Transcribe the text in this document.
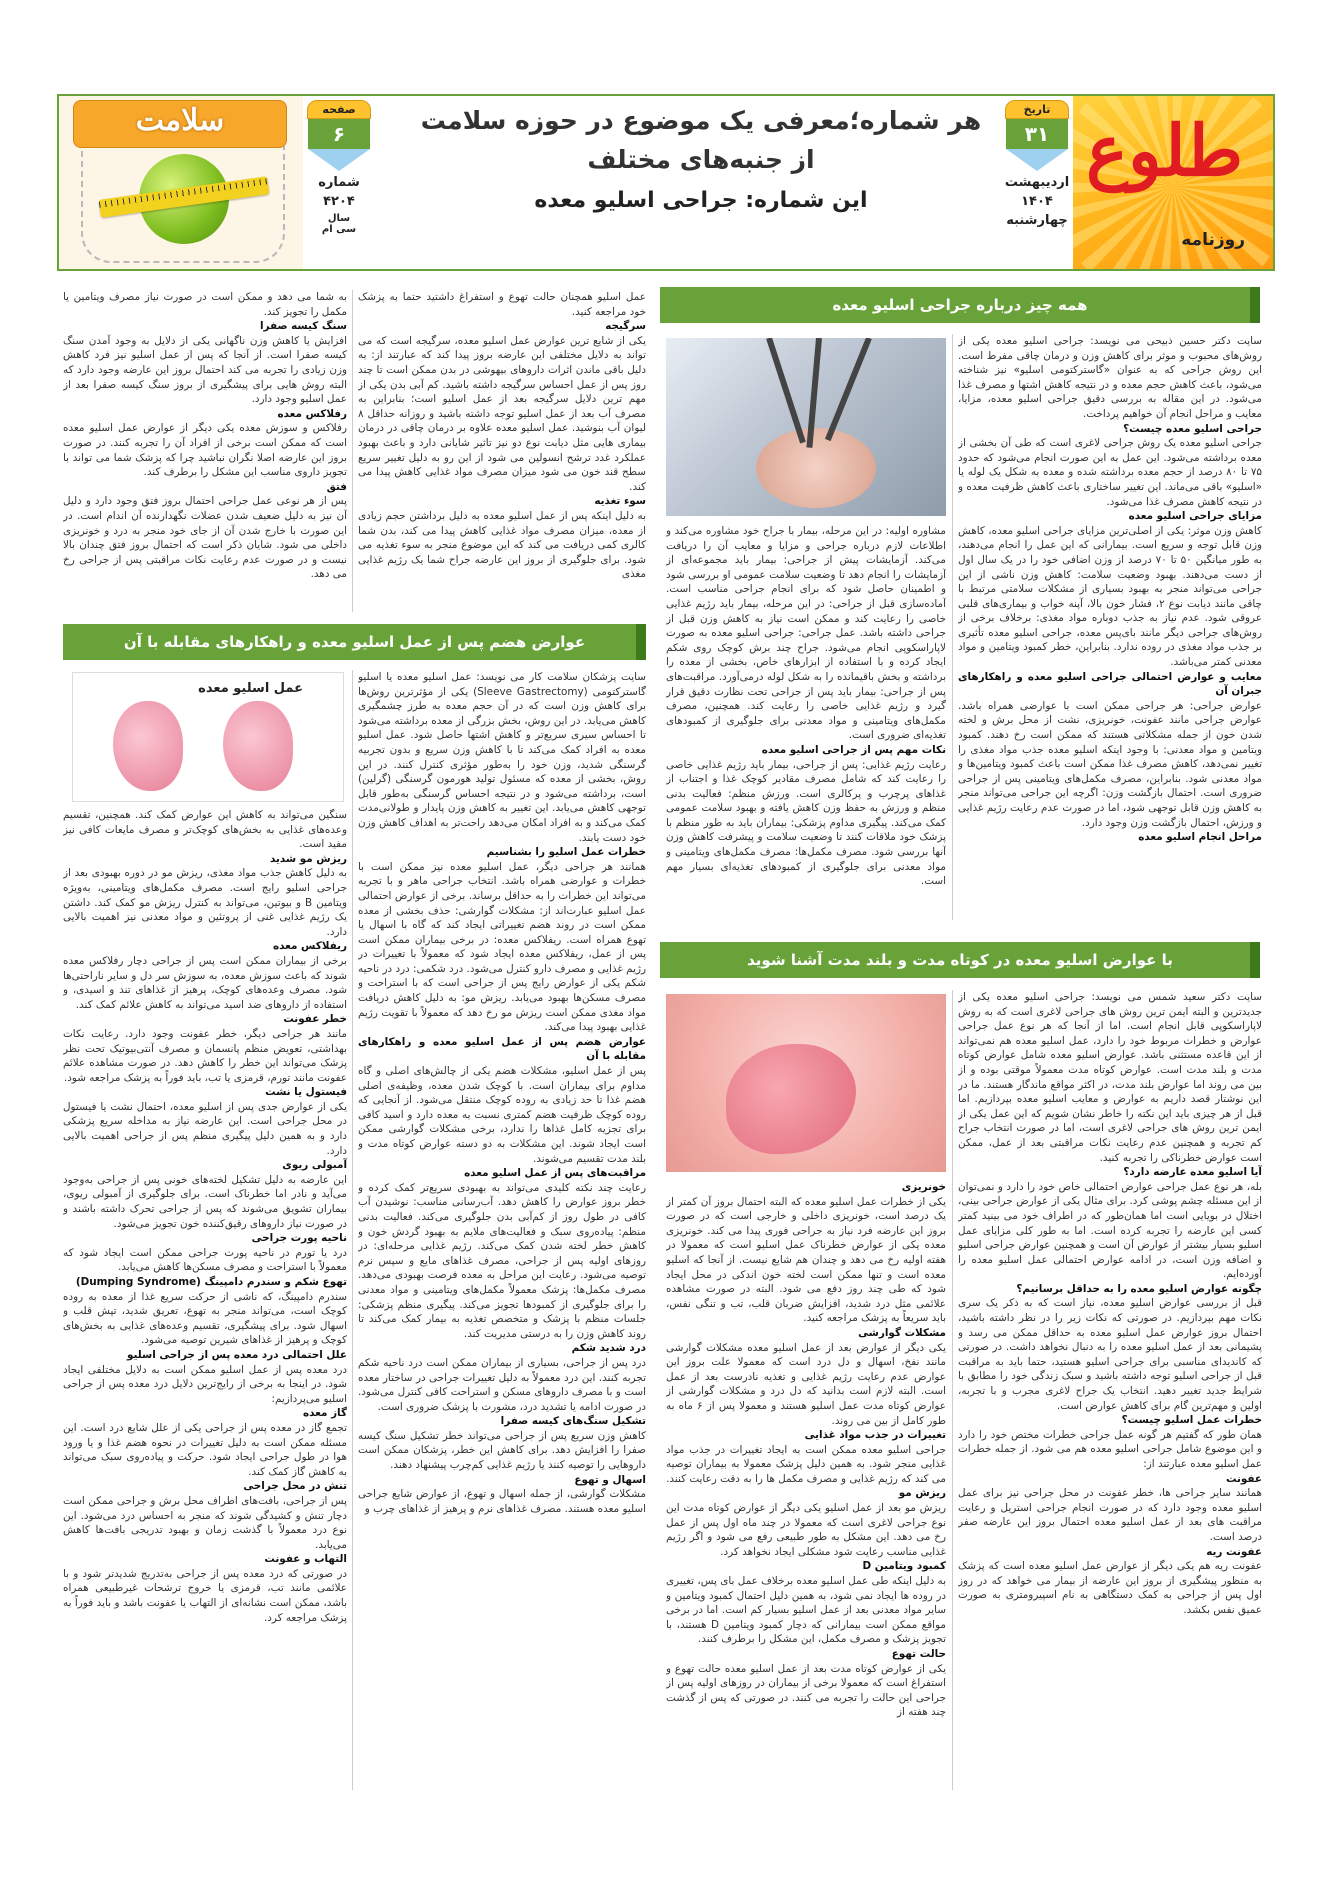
طلوع
روزنامه
تاریخ
۳۱
اردیبهشت
۱۴۰۴
چهارشنبه
هر شماره؛معرفی یک موضوع در حوزه سلامت
از جنبه‌های مختلف
این شماره: جراحی اسلیو معده
صفحه
۶
شماره
۴۲۰۴
سال
سی ام
سلامت
همه چیز درباره جراحی اسلیو معده

سایت دکتر حسین ذبیحی می نویسد: جراحی اسلیو معده یکی از روش‌های محبوب و موثر برای کاهش وزن و درمان چاقی مفرط است. این روش جراحی که به عنوان «گاسترکتومی اسلیو» نیز شناخته می‌شود، باعث کاهش حجم معده و در نتیجه کاهش اشتها و مصرف غذا می‌شود. در این مقاله به بررسی دقیق جراحی اسلیو معده، مزایا، معایب و مراحل انجام آن خواهیم پرداخت.

جراحی اسلیو معده چیست؟

جراحی اسلیو معده یک روش جراحی لاغری است که طی آن بخشی از معده برداشته می‌شود. این عمل به این صورت انجام می‌شود که حدود ۷۵ تا ۸۰ درصد از حجم معده برداشته شده و معده به شکل یک لوله یا «اسلیو» باقی می‌ماند. این تغییر ساختاری باعث کاهش ظرفیت معده و در نتیجه کاهش مصرف غذا می‌شود.

مزایای جراحی اسلیو معده

کاهش وزن موثر: یکی از اصلی‌ترین مزایای جراحی اسلیو معده، کاهش وزن قابل توجه و سریع است. بیمارانی که این عمل را انجام می‌دهند، به طور میانگین ۵۰ تا ۷۰ درصد از وزن اضافی خود را در یک سال اول از دست می‌دهند. بهبود وضعیت سلامت: کاهش وزن ناشی از این جراحی می‌تواند منجر به بهبود بسیاری از مشکلات سلامتی مرتبط با چاقی مانند دیابت نوع ۲، فشار خون بالا، آپنه خواب و بیماری‌های قلبی عروقی شود. عدم نیاز به جذب دوباره مواد مغذی: برخلاف برخی از روش‌های جراحی دیگر مانند بای‌پس معده، جراحی اسلیو معده تأثیری بر جذب مواد مغذی در روده ندارد. بنابراین، خطر کمبود ویتامین و مواد معدنی کمتر می‌باشد.

معایب و عوارض احتمالی جراحی اسلیو معده و راهکارهای جبران آن

عوارض جراحی: هر جراحی ممکن است با عوارضی همراه باشد. عوارض جراحی مانند عفونت، خونریزی، نشت از محل برش و لخته شدن خون از جمله مشکلاتی هستند که ممکن است رخ دهند. کمبود ویتامین و مواد معدنی: با وجود اینکه اسلیو معده جذب مواد مغذی را تغییر نمی‌دهد، کاهش مصرف غذا ممکن است باعث کمبود ویتامین‌ها و مواد معدنی شود. بنابراین، مصرف مکمل‌های ویتامینی پس از جراحی ضروری است. احتمال بازگشت وزن: اگرچه این جراحی می‌تواند منجر به کاهش وزن قابل توجهی شود، اما در صورت عدم رعایت رژیم غذایی و ورزش، احتمال بازگشت وزن وجود دارد.

مراحل انجام اسلیو معده

مشاوره اولیه: در این مرحله، بیمار با جراح خود مشاوره می‌کند و اطلاعات لازم درباره جراحی و مزایا و معایب آن را دریافت می‌کند. آزمایشات پیش از جراحی: بیمار باید مجموعه‌ای از آزمایشات را انجام دهد تا وضعیت سلامت عمومی او بررسی شود و اطمینان حاصل شود که برای انجام جراحی مناسب است. آماده‌سازی قبل از جراحی: در این مرحله، بیمار باید رژیم غذایی خاصی را رعایت کند و ممکن است نیاز به کاهش وزن قبل از جراحی داشته باشد. عمل جراحی: جراحی اسلیو معده به صورت لاپاراسکوپی انجام می‌شود. جراح چند برش کوچک روی شکم ایجاد کرده و با استفاده از ابزارهای خاص، بخشی از معده را برداشته و بخش باقیمانده را به شکل لوله درمی‌آورد. مراقبت‌های پس از جراحی: بیمار باید پس از جراحی تحت نظارت دقیق قرار گیرد و رژیم غذایی خاصی را رعایت کند. همچنین، مصرف مکمل‌های ویتامینی و مواد معدنی برای جلوگیری از کمبودهای تغذیه‌ای ضروری است.

نکات مهم پس از جراحی اسلیو معده

رعایت رژیم غذایی: پس از جراحی، بیمار باید رژیم غذایی خاصی را رعایت کند که شامل مصرف مقادیر کوچک غذا و اجتناب از غذاهای پرچرب و پرکالری است. ورزش منظم: فعالیت بدنی منظم و ورزش به حفظ وزن کاهش یافته و بهبود سلامت عمومی کمک می‌کند. پیگیری مداوم پزشکی: بیماران باید به طور منظم با پزشک خود ملاقات کنند تا وضعیت سلامت و پیشرفت کاهش وزن آنها بررسی شود. مصرف مکمل‌ها: مصرف مکمل‌های ویتامینی و مواد معدنی برای جلوگیری از کمبودهای تغذیه‌ای بسیار مهم است.

عمل اسلیو همچنان حالت تهوع و استفراغ داشتید حتما به پزشک خود مراجعه کنید.

سرگیجه

یکی از شایع ترین عوارض عمل اسلیو معده، سرگیجه است که می تواند به دلایل مختلفی این عارضه بروز پیدا کند که عبارتند از: به دلیل باقی ماندن اثرات داروهای بیهوشی در بدن ممکن است تا چند روز پس از عمل احساس سرگیجه داشته باشید. کم آبی بدن یکی از مهم ترین دلایل سرگیجه بعد از عمل اسلیو است؛ بنابراین به مصرف آب بعد از عمل اسلیو توجه داشته باشید و روزانه حداقل ۸ لیوان آب بنوشید. عمل اسلیو معده علاوه بر درمان چاقی در درمان بیماری هایی مثل دیابت نوع دو نیز تاثیر شایانی دارد و باعث بهبود عملکرد غدد ترشح انسولین می شود از این رو به دلیل تغییر سریع سطح قند خون می شود میزان مصرف مواد غذایی کاهش پیدا می کند.

سوء تغذیه

به دلیل اینکه پس از عمل اسلیو معده به دلیل برداشتن حجم زیادی از معده، میزان مصرف مواد غذایی کاهش پیدا می کند، بدن شما کالری کمی دریافت می کند که این موضوع منجر به سوء تغذیه می شود. برای جلوگیری از بروز این عارضه جراح شما یک رژیم غذایی مغذی

به شما می دهد و ممکن است در صورت نیاز مصرف ویتامین یا مکمل را تجویز کند.

سنگ کیسه صفرا

افزایش یا کاهش وزن ناگهانی یکی از دلایل به وجود آمدن سنگ کیسه صفرا است. از آنجا که پس از عمل اسلیو نیز فرد کاهش وزن زیادی را تجربه می کند احتمال بروز این عارضه وجود دارد که البته روش هایی برای پیشگیری از بروز سنگ کیسه صفرا بعد از عمل اسلیو وجود دارد.

رفلاکس معده

رفلاکس و سوزش معده یکی دیگر از عوارض عمل اسلیو معده است که ممکن است برخی از افراد آن را تجربه کنند. در صورت بروز این عارضه اصلا نگران نباشید چرا که پزشک شما می تواند با تجویز داروی مناسب این مشکل را برطرف کند.

فتق

پس از هر نوعی عمل جراحی احتمال بروز فتق وجود دارد و دلیل آن نیز به دلیل ضعیف شدن عضلات نگهدارنده آن اندام است. در این صورت با خارج شدن آن از جای خود منجر به درد و خونریزی داخلی می شود. شایان ذکر است که احتمال بروز فتق چندان بالا نیست و در صورت عدم رعایت نکات مراقبتی پس از جراحی رخ می دهد.

عوارض هضم پس از عمل اسلیو معده و راهکارهای مقابله با آن
عمل اسلیو معده

سایت پزشکان سلامت کار می نویسد: عمل اسلیو معده یا اسلیو گاسترکتومی (Sleeve Gastrectomy) یکی از مؤثرترین روش‌ها برای کاهش وزن است که در آن حجم معده به طرز چشمگیری کاهش می‌یابد. در این روش، بخش بزرگی از معده برداشته می‌شود تا احساس سیری سریع‌تر و کاهش اشتها حاصل شود. عمل اسلیو معده به افراد کمک می‌کند تا با کاهش وزن سریع و بدون تجربیه گرسنگی شدید، وزن خود را به‌طور مؤثری کنترل کنند. در این روش، بخشی از معده که مسئول تولید هورمون گرسنگی (گرلین) است، برداشته می‌شود و در نتیجه احساس گرسنگی به‌طور قابل توجهی کاهش می‌یابد. این تغییر به کاهش وزن پایدار و طولانی‌مدت کمک می‌کند و به افراد امکان می‌دهد راحت‌تر به اهداف کاهش وزن خود دست یابند.

خطرات عمل اسلیو را بشناسیم

همانند هر جراحی دیگر، عمل اسلیو معده نیز ممکن است با خطرات و عوارضی همراه باشد. انتخاب جراحی ماهر و با تجربه می‌تواند این خطرات را به حداقل برساند. برخی از عوارض احتمالی عمل اسلیو عبارت‌اند از: مشکلات گوارشی: حذف بخشی از معده ممکن است در روند هضم تغییراتی ایجاد کند که گاه با اسهال یا تهوع همراه است. ریفلاکس معده: در برخی بیماران ممکن است پس از عمل، ریفلاکس معده ایجاد شود که معمولاً با تغییرات در رژیم غذایی و مصرف دارو کنترل می‌شود. درد شکمی: درد در ناحیه شکم یکی از عوارض رایج پس از جراحی است که با استراحت و مصرف مسکن‌ها بهبود می‌یابد. ریزش مو: به دلیل کاهش دریافت مواد مغذی ممکن است ریزش مو رخ دهد که معمولاً با تقویت رژیم غذایی بهبود پیدا می‌کند.

عوارض هضم پس از عمل اسلیو معده و راهکارهای مقابله با آن

پس از عمل اسلیو، مشکلات هضم یکی از چالش‌های اصلی و گاه مداوم برای بیماران است. با کوچک شدن معده، وظیفه‌ی اصلی هضم غذا تا حد زیادی به روده کوچک منتقل می‌شود. از آنجایی که روده کوچک ظرفیت هضم کمتری نسبت به معده دارد و اسید کافی برای تجزیه کامل غذاها را ندارد، برخی مشکلات گوارشی ممکن است ایجاد شوند. این مشکلات به دو دسته عوارض کوتاه مدت و بلند مدت تقسیم می‌شوند.

مراقبت‌های پس از عمل اسلیو معده

رعایت چند نکته کلیدی می‌تواند به بهبودی سریع‌تر کمک کرده و خطر بروز عوارض را کاهش دهد. آب‌رسانی مناسب: نوشیدن آب کافی در طول روز از کم‌آبی بدن جلوگیری می‌کند. فعالیت بدنی منظم: پیاده‌روی سبک و فعالیت‌های ملایم به بهبود گردش خون و کاهش خطر لخته شدن کمک می‌کند. رژیم غذایی مرحله‌ای: در روزهای اولیه پس از جراحی، مصرف غذاهای مایع و سپس نرم توصیه می‌شود. رعایت این مراحل به معده فرصت بهبودی می‌دهد. مصرف مکمل‌ها: پزشک معمولاً مکمل‌های ویتامینی و مواد معدنی را برای جلوگیری از کمبودها تجویز می‌کند. پیگیری منظم پزشکی: جلسات منظم با پزشک و متخصص تغذیه به بیمار کمک می‌کند تا روند کاهش وزن را به درستی مدیریت کند.

درد شدید شکم

درد پس از جراحی، بسیاری از بیماران ممکن است درد ناحیه شکم تجربه کنند. این درد معمولاً به دلیل تغییرات جراحی در ساختار معده است و با مصرف داروهای مسکن و استراحت کافی کنترل می‌شود. در صورت ادامه یا تشدید درد، مشورت با پزشک ضروری است.

تشکیل سنگ‌های کیسه صفرا

کاهش وزن سریع پس از جراحی می‌تواند خطر تشکیل سنگ کیسه صفرا را افزایش دهد. برای کاهش این خطر، پزشکان ممکن است داروهایی را توصیه کنند یا رژیم غذایی کم‌چرب پیشنهاد دهند.

اسهال و تهوع

مشکلات گوارشی، از جمله اسهال و تهوع، از عوارض شایع جراحی اسلیو معده هستند. مصرف غذاهای نرم و پرهیز از غذاهای چرب و

سنگین می‌تواند به کاهش این عوارض کمک کند. همچنین، تقسیم وعده‌های غذایی به بخش‌های کوچک‌تر و مصرف مایعات کافی نیز مفید است.

ریزش مو شدید

به دلیل کاهش جذب مواد مغذی، ریزش مو در دوره بهبودی بعد از جراحی اسلیو رایج است. مصرف مکمل‌های ویتامینی، به‌ویژه ویتامین B و بیوتین، می‌تواند به کنترل ریزش مو کمک کند. داشتن یک رژیم غذایی غنی از پروتئین و مواد معدنی نیز اهمیت بالایی دارد.

ریفلاکس معده

برخی از بیماران ممکن است پس از جراحی دچار رفلاکس معده شوند که باعث سوزش معده، به سوزش سر دل و سایر ناراحتی‌ها شود. مصرف وعده‌های کوچک، پرهیز از غذاهای تند و اسیدی، و استفاده از داروهای ضد اسید می‌تواند به کاهش علائم کمک کند.

خطر عفونت

مانند هر جراحی دیگر، خطر عفونت وجود دارد. رعایت نکات بهداشتی، تعویض منظم پانسمان و مصرف آنتی‌بیوتیک تحت نظر پزشک می‌تواند این خطر را کاهش دهد. در صورت مشاهده علائم عفونت مانند تورم، قرمزی یا تب، باید فوراً به پزشک مراجعه شود.

فیستول یا نشت

یکی از عوارض جدی پس از اسلیو معده، احتمال نشت یا فیستول در محل جراحی است. این عارضه نیاز به مداخله سریع پزشکی دارد و به همین دلیل پیگیری منظم پس از جراحی اهمیت بالایی دارد.

آمبولی ریوی

این عارضه به دلیل تشکیل لخته‌های خونی پس از جراحی به‌وجود می‌آید و نادر اما خطرناک است. برای جلوگیری از آمبولی ریوی، بیماران تشویق می‌شوند که پس از جراحی تحرک داشته باشند و در صورت نیاز داروهای رقیق‌کننده خون تجویز می‌شود.

ناحیه پورت جراحی

درد یا تورم در ناحیه پورت جراحی ممکن است ایجاد شود که معمولاً با استراحت و مصرف مسکن‌ها کاهش می‌یابد.

تهوع شکم و سندرم دامپینگ (Dumping Syndrome)

سندرم دامپینگ، که ناشی از حرکت سریع غذا از معده به روده کوچک است، می‌تواند منجر به تهوع، تعریق شدید، تپش قلب و اسهال شود. برای پیشگیری، تقسیم وعده‌های غذایی به بخش‌های کوچک و پرهیز از غذاهای شیرین توصیه می‌شود.

علل احتمالی درد معده پس از جراحی اسلیو

درد معده پس از عمل اسلیو ممکن است به دلایل مختلفی ایجاد شود. در اینجا به برخی از رایج‌ترین دلایل درد معده پس از جراحی اسلیو می‌پردازیم:

گاز معده

تجمع گاز در معده پس از جراحی یکی از علل شایع درد است. این مسئله ممکن است به دلیل تغییرات در نحوه هضم غذا و یا ورود هوا در طول جراحی ایجاد شود. حرکت و پیاده‌روی سبک می‌تواند به کاهش گاز کمک کند.

تنش در محل جراحی

پس از جراحی، بافت‌های اطراف محل برش و جراحی ممکن است دچار تنش و کشیدگی شوند که منجر به احساس درد می‌شود. این نوع درد معمولاً با گذشت زمان و بهبود تدریجی بافت‌ها کاهش می‌یابد.

التهاب و عفونت

در صورتی که درد معده پس از جراحی به‌تدریج شدیدتر شود و با علائمی مانند تب، قرمزی یا خروج ترشحات غیرطبیعی همراه باشد، ممکن است نشانه‌ای از التهاب یا عفونت باشد و باید فوراً به پزشک مراجعه کرد.

با عوارض اسلیو معده در کوتاه مدت و بلند مدت آشنا شوید

سایت دکتر سعید شمس می نویسد: جراحی اسلیو معده یکی از جدیدترین و البته ایمن ترین روش های جراحی لاغری است که به روش لاپاراسکوپی قابل انجام است. اما از آنجا که هر نوع عمل جراحی عوارض و خطرات مربوط خود را دارد، عمل اسلیو معده هم نمی‌تواند از این قاعده مستثنی باشد. عوارض اسلیو معده شامل عوارض کوتاه مدت و بلند مدت است. عوارض کوتاه مدت معمولاً موقتی بوده و از بین می روند اما عوارض بلند مدت، در اکثر مواقع ماندگار هستند. ما در این نوشتار قصد داریم به عوارض و معایب اسلیو معده بپردازیم. اما قبل از هر چیزی باید این نکته را خاطر نشان شویم که این عمل یکی از ایمن ترین روش های جراحی لاغری است، اما در صورت انتخاب جراح کم تجربه و همچنین عدم رعایت نکات مراقبتی بعد از عمل، ممکن است عوارض خطرناکی را تجربه کنید.

آیا اسلیو معده عارضه دارد؟

بله، هر نوع عمل جراحی عوارض احتمالی خاص خود را دارد و نمی‌توان از این مسئله چشم پوشی کرد. برای مثال یکی از عوارض جراحی بینی، اختلال در بویایی است اما همان‌طور که در اطراف خود می بینید کمتر کسی این عارضه را تجربه کرده است. اما به طور کلی مزایای عمل اسلیو بسیار بیشتر از عوارض آن است و همچنین عوارض جراحی اسلیو و اضافه وزن است، در ادامه عوارض احتمالی عمل اسلیو معده را آورده‌ایم.

چگونه عوارض اسلیو معده را به حداقل برسانیم؟

قبل از بررسی عوارض اسلیو معده، نیاز است که به ذکر یک سری نکات مهم بپردازیم. در صورتی که نکات زیر را در نظر داشته باشید، احتمال بروز عوارض عمل اسلیو معده به حداقل ممکن می رسد و پشیمانی بعد از عمل اسلیو معده را به دنبال نخواهد داشت. در صورتی که کاندیدای مناسبی برای جراحی اسلیو هستید، حتما باید به مراقبت قبل از جراحی اسلیو توجه داشته باشید و سبک زندگی خود را مطابق با شرایط جدید تغییر دهید. انتخاب یک جراح لاغری مجرب و با تجربه، اولین و مهم‌ترین گام برای کاهش عوارض است.

خطرات عمل اسلیو چیست؟

همان طور که گفتیم هر گونه عمل جراحی خطرات مختص خود را دارد و این موضوع شامل جراحی اسلیو معده هم می شود. از جمله خطرات عمل اسلیو معده عبارتند از:

عفونت

همانند سایر جراحی ها، خطر عفونت در محل جراحی نیز برای عمل اسلیو معده وجود دارد که در صورت انجام جراحی استریل و رعایت مراقبت های بعد از عمل اسلیو معده احتمال بروز این عارضه صفر درصد است.

عفونت ریه

عفونت ریه هم یکی دیگر از عوارض عمل اسلیو معده است که پزشک به منظور پیشگیری از بروز این عارضه از بیمار می خواهد که در روز اول پس از جراحی به کمک دستگاهی به نام اسپیرومتری به صورت عمیق نفس بکشد.

خونریزی

یکی از خطرات عمل اسلیو معده که البته احتمال بروز آن کمتر از یک درصد است، خونریزی داخلی و خارجی است که در صورت بروز این عارضه فرد نیاز به جراحی فوری پیدا می کند. خونریزی معده یکی از عوارض خطرناک عمل اسلیو است که معمولا در هفته اولیه رخ می دهد و چندان هم شایع نیست. از آنجا که اسلیو معده است و تنها ممکن است لخته خون اندکی در محل ایجاد شود که طی چند روز دفع می شود. البته در صورت مشاهده علائمی مثل درد شدید، افزایش ضربان قلب، تب و تنگی نفس، باید سریعاً به پزشک مراجعه کنید.

مشکلات گوارشی

یکی دیگر از عوارض بعد از عمل اسلیو معده مشکلات گوارشی مانند نفخ، اسهال و دل درد است که معمولا علت بروز این عوارض عدم رعایت رژیم غذایی و تغذیه نادرست بعد از عمل است. البته لازم است بدانید که دل درد و مشکلات گوارشی از عوارض کوتاه مدت عمل اسلیو هستند و معمولا پس از ۶ ماه به طور کامل از بین می روند.

تغییرات در جذب مواد غذایی

جراحی اسلیو معده ممکن است به ایجاد تغییرات در جذب مواد غذایی منجر شود. به همین دلیل پزشک معمولا به بیماران توصیه می کند که رژیم غذایی و مصرف مکمل ها را به دقت رعایت کنند.

ریزش مو

ریزش مو بعد از عمل اسلیو یکی دیگر از عوارض کوتاه مدت این نوع جراحی لاغری است که معمولا در چند ماه اول پس از عمل رخ می دهد. این مشکل به طور طبیعی رفع می شود و اگر رژیم غذایی مناسب رعایت شود مشکلی ایجاد نخواهد کرد.

کمبود ویتامین D

به دلیل اینکه طی عمل اسلیو معده برخلاف عمل بای پس، تغییری در روده ها ایجاد نمی شود، به همین دلیل احتمال کمبود ویتامین و سایر مواد معدنی بعد از عمل اسلیو بسیار کم است. اما در برخی مواقع ممکن است بیمارانی که دچار کمبود ویتامین D هستند، با تجویز پزشک و مصرف مکمل، این مشکل را برطرف کنند.

حالت تهوع

یکی از عوارض کوتاه مدت بعد از عمل اسلیو معده حالت تهوع و استفراغ است که معمولا برخی از بیماران در روزهای اولیه پس از جراحی این حالت را تجربه می کنند. در صورتی که پس از گذشت چند هفته از
